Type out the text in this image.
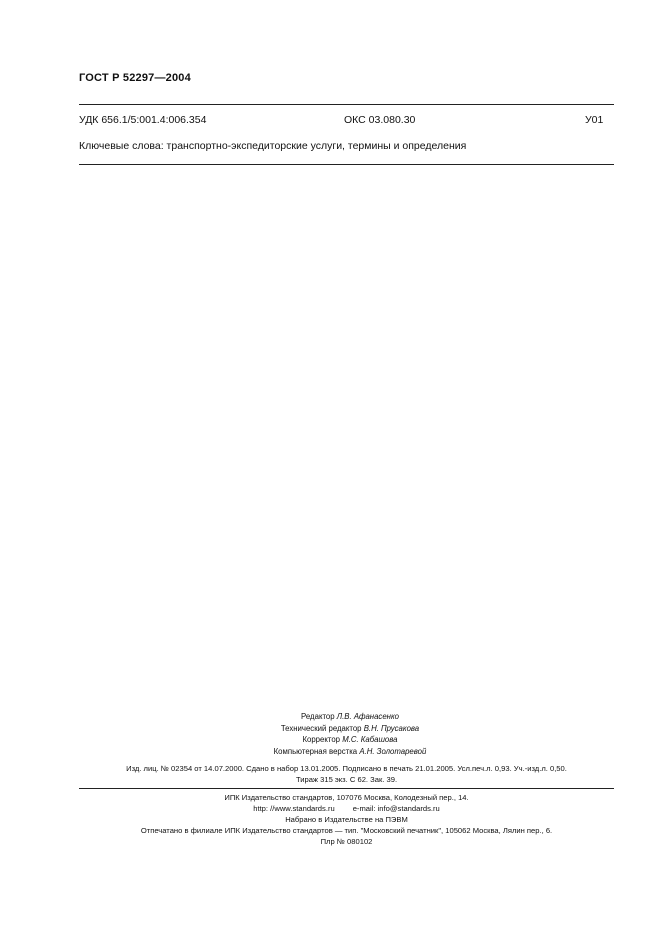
ГОСТ Р 52297—2004
УДК 656.1/5:001.4:006.354	ОКС 03.080.30	У01
Ключевые слова: транспортно-экспедиторские услуги, термины и определения
Редактор Л.В. Афанасенко
Технический редактор В.Н. Прусакова
Корректор М.С. Кабашова
Компьютерная верстка А.Н. Золотаревой
Изд. лиц. № 02354 от 14.07.2000. Сдано в набор 13.01.2005. Подписано в печать 21.01.2005. Усл.печ.л. 0,93. Уч.-изд.л. 0,50.
Тираж 315 экз. С 62. Зак. 39.
ИПК Издательство стандартов, 107076 Москва, Колодезный пер., 14.
http: //www.standards.ru e-mail: info@standards.ru
Набрано в Издательстве на ПЭВМ
Отпечатано в филиале ИПК Издательство стандартов — тип. "Московский печатник", 105062 Москва, Лялин пер., 6.
Плр № 080102
